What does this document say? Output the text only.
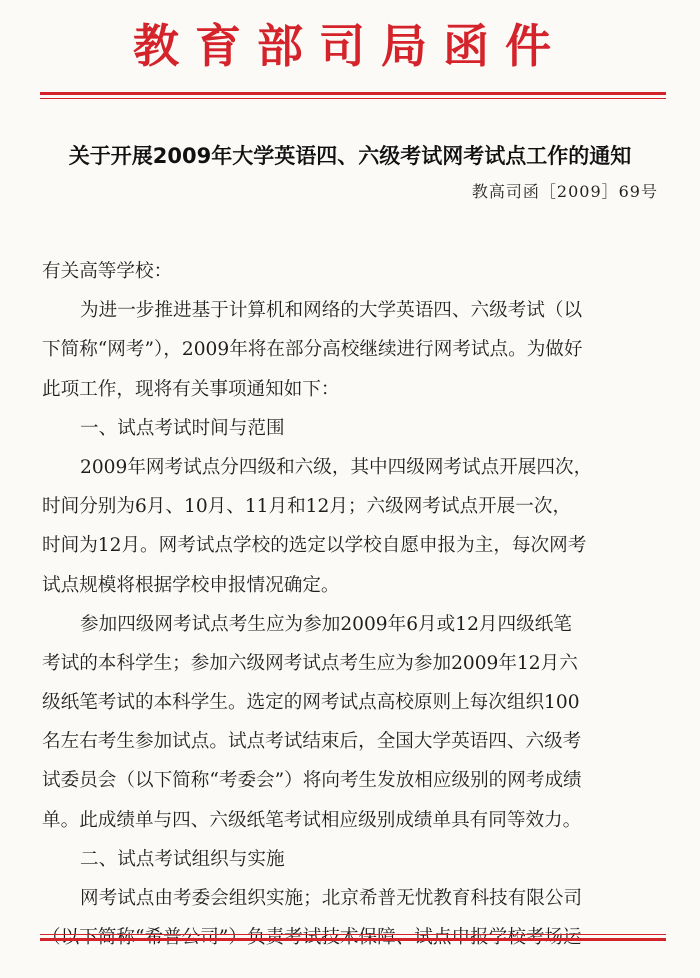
教育部司局函件
关于开展2009年大学英语四、六级考试网考试点工作的通知
教高司函［2009］69号
有关高等学校：
为进一步推进基于计算机和网络的大学英语四、六级考试（以
下简称“网考”），2009年将在部分高校继续进行网考试点。为做好
此项工作，现将有关事项通知如下：
一、试点考试时间与范围
2009年网考试点分四级和六级，其中四级网考试点开展四次，
时间分别为6月、10月、11月和12月；六级网考试点开展一次，
时间为12月。网考试点学校的选定以学校自愿申报为主，每次网考
试点规模将根据学校申报情况确定。
参加四级网考试点考生应为参加2009年6月或12月四级纸笔
考试的本科学生；参加六级网考试点考生应为参加2009年12月六
级纸笔考试的本科学生。选定的网考试点高校原则上每次组织100
名左右考生参加试点。试点考试结束后，全国大学英语四、六级考
试委员会（以下简称“考委会”）将向考生发放相应级别的网考成绩
单。此成绩单与四、六级纸笔考试相应级别成绩单具有同等效力。
二、试点考试组织与实施
网考试点由考委会组织实施；北京希普无忧教育科技有限公司
